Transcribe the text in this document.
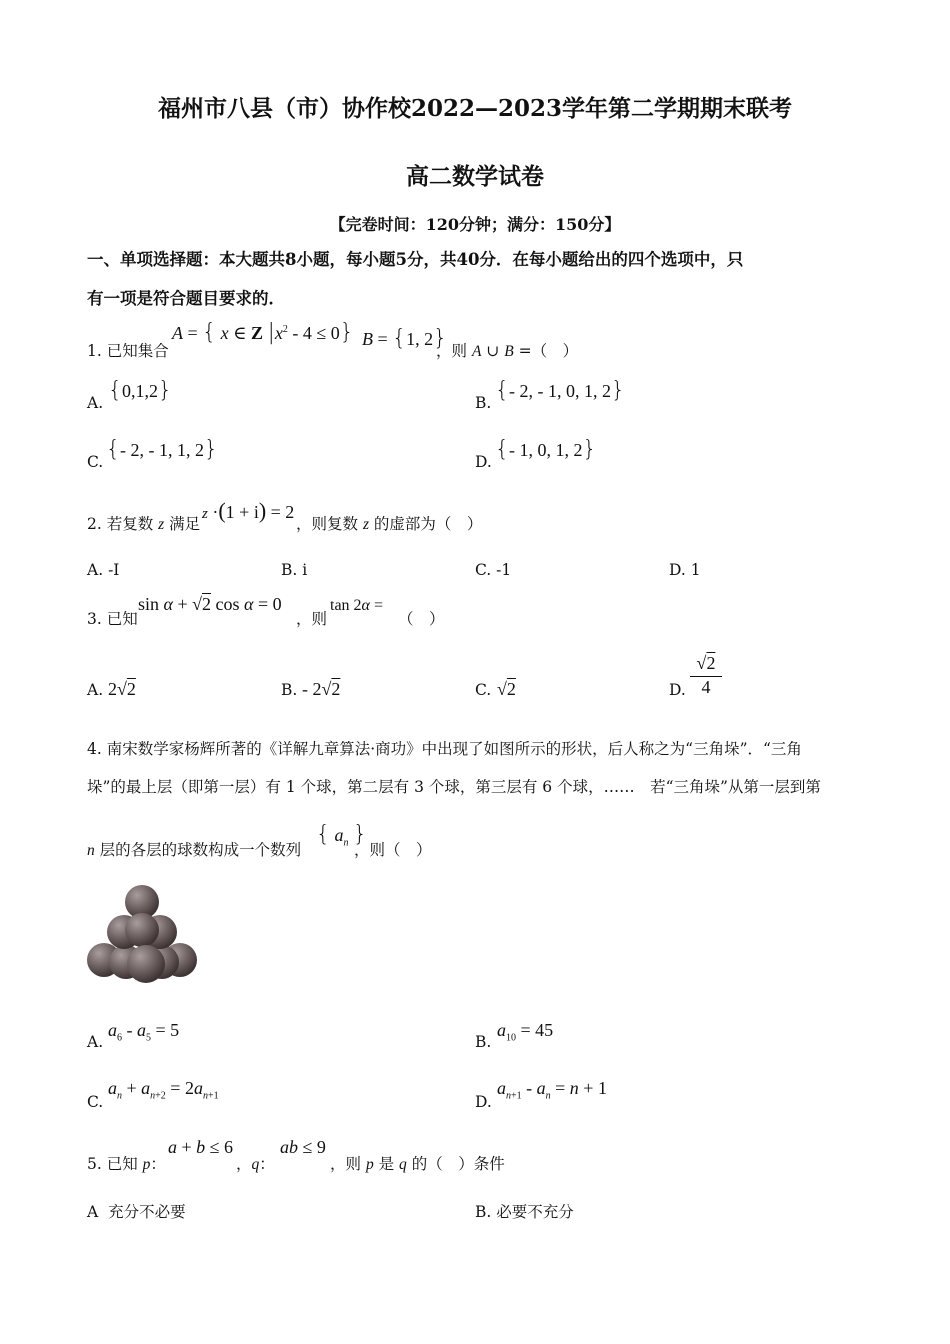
福州市八县（市）协作校2022—2023学年第二学期期末联考
高二数学试卷
【完卷时间：120分钟；满分：150分】
一、单项选择题：本大题共8小题，每小题5分，共40分．在每小题给出的四个选项中，只
有一项是符合题目要求的．
1. 已知集合
A = { x ∈ Z $|x^2 - 4 \le 0$} B = {1, 2}
，则 A ∪ B =（　）
A. {0,1,2}	B. {- 2, - 1, 0, 1, 2}
C. {- 2, - 1, 1, 2}	D. {- 1, 0, 1, 2}
2. 若复数 z 满足
z ·(1 + i) = 2
，则复数 z 的虚部为（　）
A. -I	B. i	C. -1	D. 1
3. 已知
sin α + √2 cos α = 0
，则
tan 2α =
（　）
A. 2√2	B. - 2√2	C. √2	D.
√2
4
4. 南宋数学家杨辉所著的《详解九章算法·商功》中出现了如图所示的形状，后人称之为“三角垛”．“三角
垛”的最上层（即第一层）有 1 个球，第二层有 3 个球，第三层有 6 个球，……　若“三角垛”从第一层到第
n 层的各层的球数构成一个数列
{ $a_n$ }
，则（　）
A.
$a_6 - a_5 = 5$
B.
$a_{10} = 45$
C.
$a_n + a_{n+2} = 2a_{n+1}$	D.
$a_{n+1} - a_n = n + 1$
5. 已知 p：
a + b ≤ 6
，q：
ab ≤ 9
，则 p 是 q 的（　）条件
A 充分不必要	B. 必要不充分
